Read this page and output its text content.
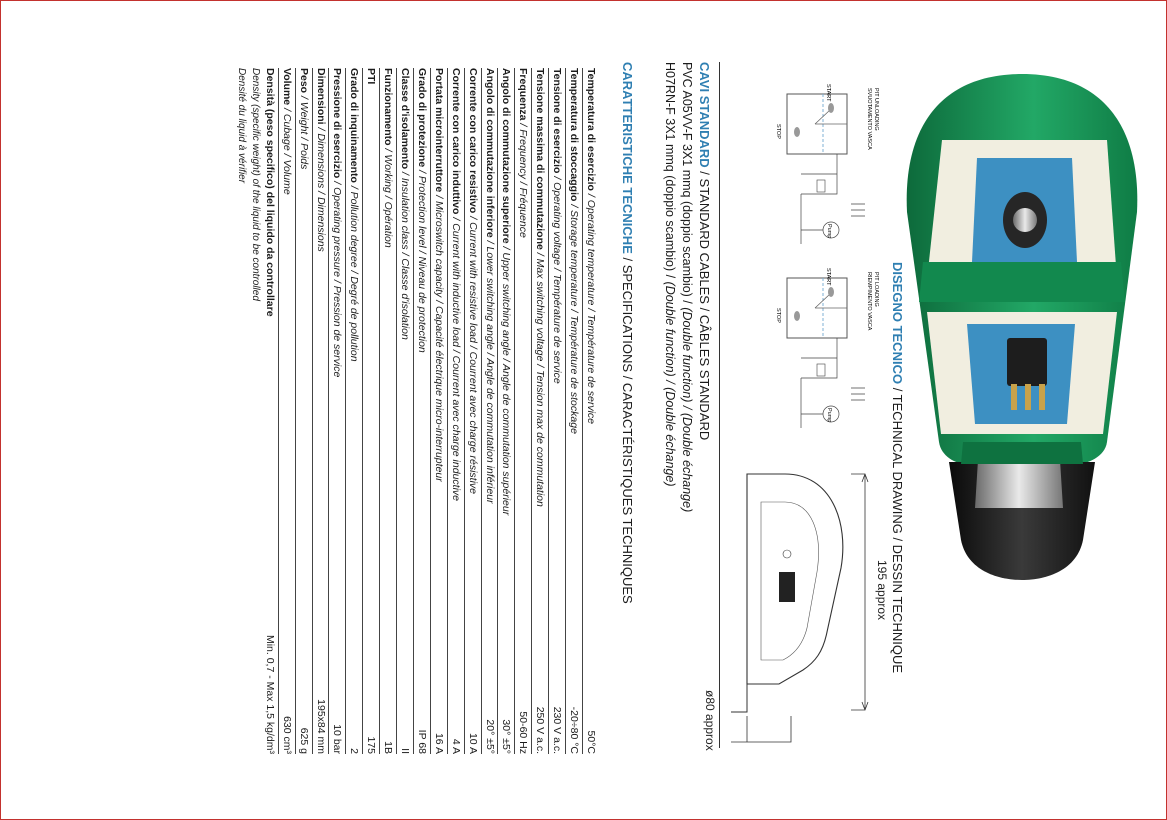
DISEGNO TECNICO / TECHNICAL DRAWING / DESSIN TECHNIQUE
PIT UNLOADING
SVUOTAMENTO VASCA
START
STOP
Pump
PIT LOADING
RIEMPIMENTO VASCA
START
STOP
Pump
195 approx
ø80 approx
CAVI STANDARD / STANDARD CABLES / CÂBLES STANDARD
PVC A05VV-F 3X1 mmq (doppio scambio) / (Double function) / (Double échange)
H07RN-F 3X1 mmq (doppio scambio) / (Double function) / (Double échange)
CARATTERISTICHE TECNICHE / SPECIFICATIONS / CARACTÉRISTIQUES TECHNIQUES
Temperatura di esercizio / Operating temperature / Température de service
50°C
Temperatura di stoccaggio / Storage temperature / Température de stockage
-20÷80 °C
Tensione di esercizio / Operating voltage / Température de service
230 V a.c.
Tensione massima di commutazione / Max switching voltage / Tension max de commutation
250 V a.c.
Frequenza / Frequency / Fréquence
50-60 Hz
Angolo di commutazione superiore / Upper switching angle / Angle de commutation supérieur
30° ±5°
Angolo di commutazione inferiore / Lower switching angle / Angle de commutation inférieur
20° ±5°
Corrente con carico resistivo / Current with resistive load / Courrent avec charge résistive
10 A
Corrente con carico induttivo / Current with inductive load / Courrent avec charge inductive
4 A
Portata microinterruttore / Microswitch capacity / Capacité électrique micro-interrupteur
16 A
Grado di protezione / Protection level / Niveau de protection
IP 68
Classe d'isolamento / Insulation class / Classe d'isolation
II
Funzionamento / Working / Opération
1B
PTI
175
Grado di inquinamento / Pollution degree / Degré de pollution
2
Pressione di esercizio / Operating pressure / Pression de service
10 bar
Dimensioni / Dimensions / Dimensions
195x84 mm
Peso / Weight / Poids
625 g
Volume / Cubage / Volume
630 cm³
Densità (peso specifico) del liquido da controllare
Min. 0,7 - Max 1,5 kg/dm³
Density (specific weight) of the liquid to be controlled
Densité du liquid à vérifier
